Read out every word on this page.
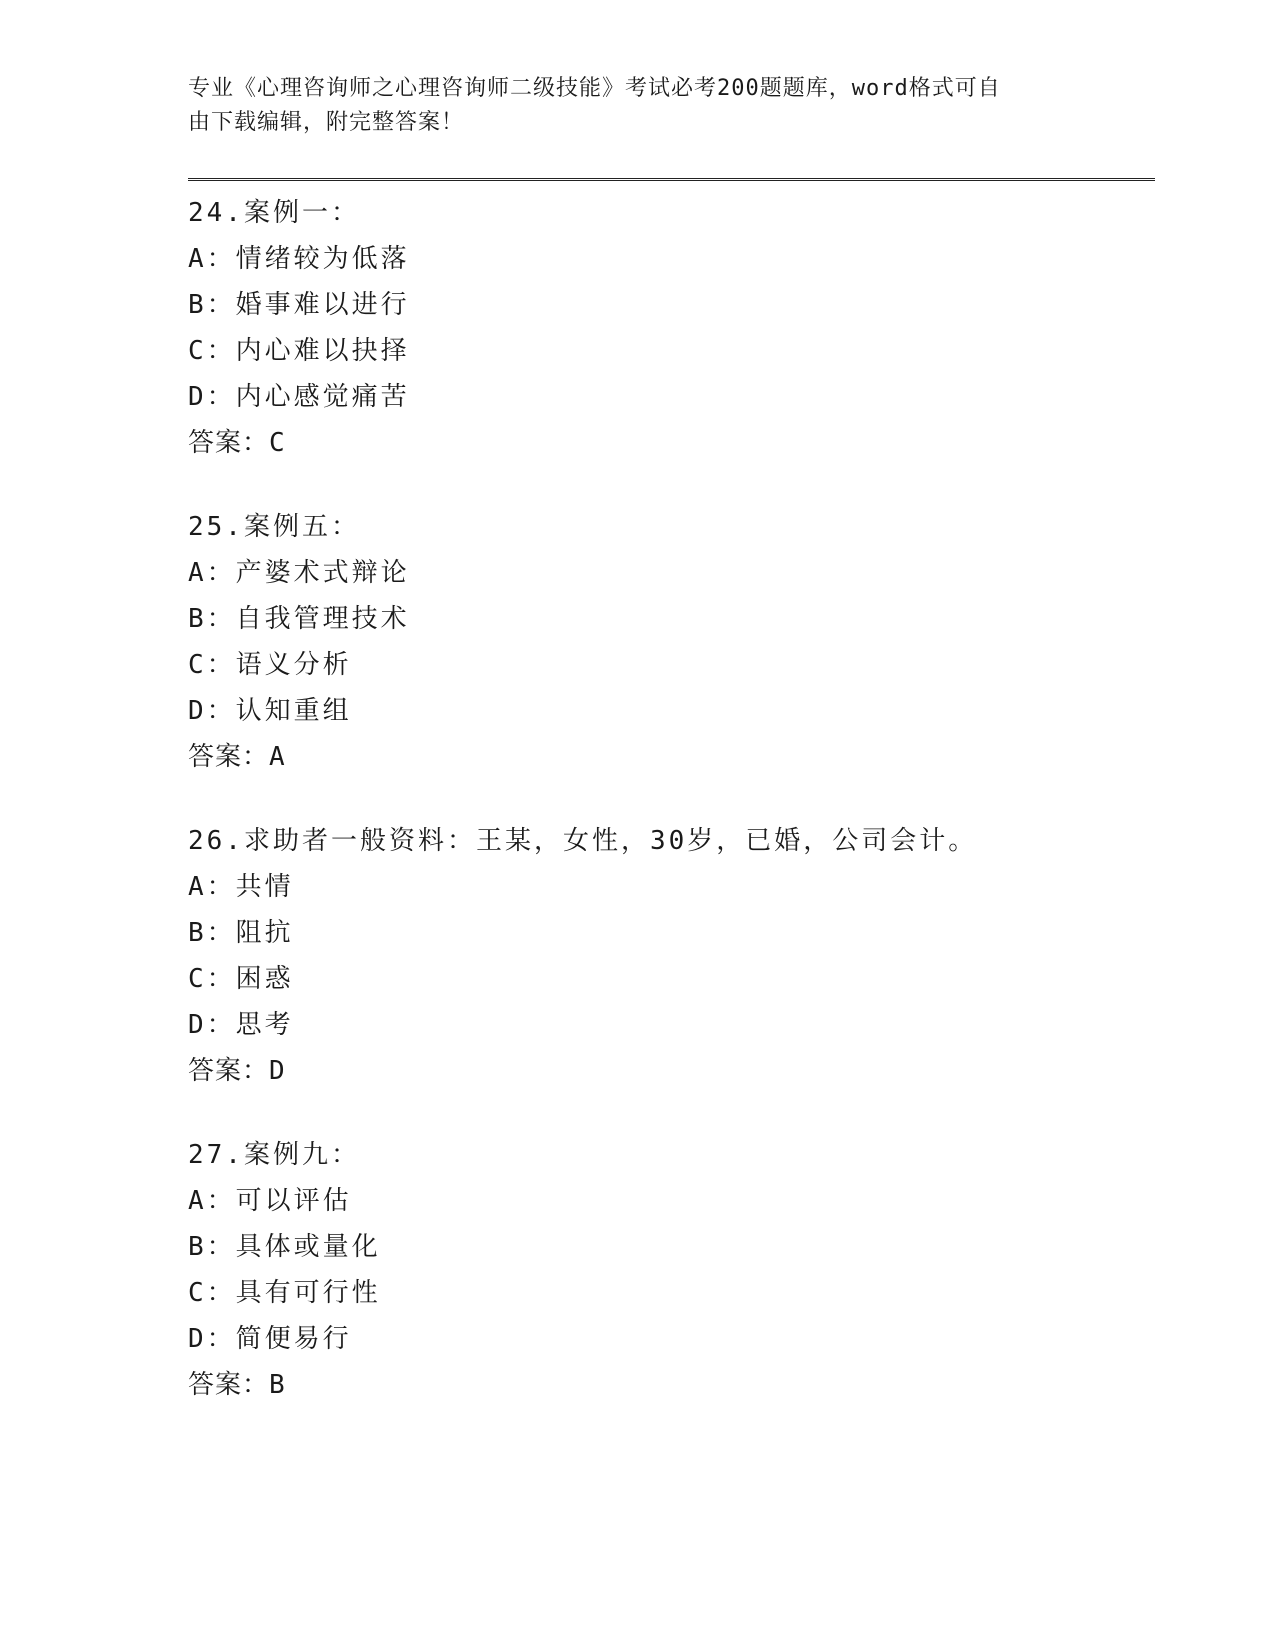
专业《心理咨询师之心理咨询师二级技能》考试必考200题题库，word格式可自
由下载编辑，附完整答案！
24.案例一：
A：情绪较为低落
B：婚事难以进行
C：内心难以抉择
D：内心感觉痛苦
答案：C
25.案例五：
A：产婆术式辩论
B：自我管理技术
C：语义分析
D：认知重组
答案：A
26.求助者一般资料：王某，女性，30岁，已婚，公司会计。
A：共情
B：阻抗
C：困惑
D：思考
答案：D
27.案例九：
A：可以评估
B：具体或量化
C：具有可行性
D：简便易行
答案：B
